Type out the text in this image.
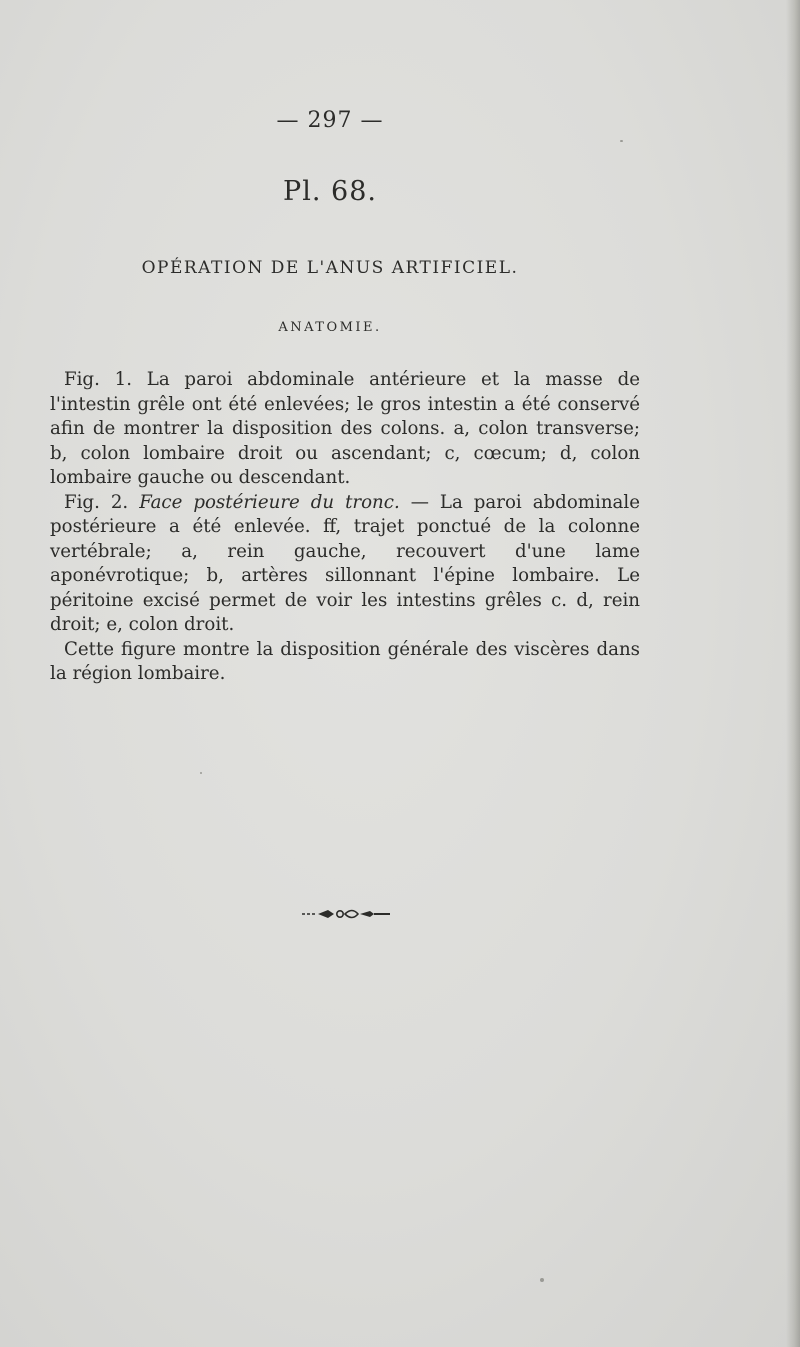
— 297 —
Pl. 68.
OPÉRATION DE L'ANUS ARTIFICIEL.
ANATOMIE.

Fig. 1. La paroi abdominale antérieure et la masse de l'intestin grêle ont été enlevées; le gros intestin a été conservé afin de montrer la disposition des colons. a, colon transverse; b, colon lombaire droit ou ascendant; c, cœcum; d, colon lombaire gauche ou descendant.

Fig. 2. Face postérieure du tronc. — La paroi abdominale postérieure a été enlevée. ff, trajet ponctué de la colonne vertébrale; a, rein gauche, recouvert d'une lame aponévrotique; b, artères sillonnant l'épine lombaire. Le péritoine excisé permet de voir les intestins grêles c. d, rein droit; e, colon droit.

Cette figure montre la disposition générale des viscères dans la région lombaire.
